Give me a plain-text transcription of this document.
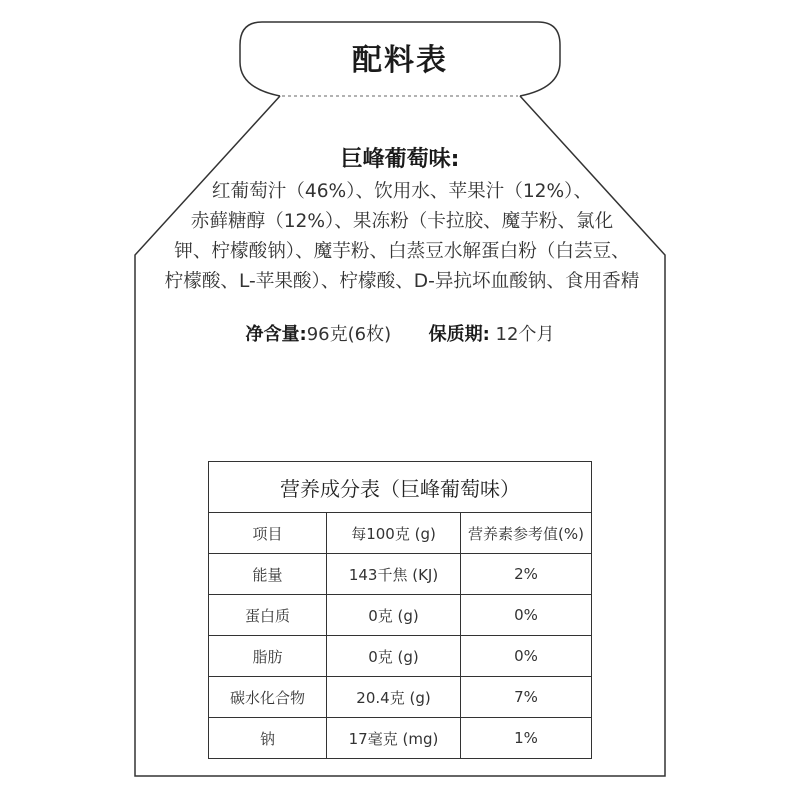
配料表
巨峰葡萄味:
红葡萄汁（46%）、饮用水、苹果汁（12%）、
赤藓糖醇（12%）、果冻粉（卡拉胶、魔芋粉、氯化
钾、柠檬酸钠）、魔芋粉、白蒸豆水解蛋白粉（白芸豆、
柠檬酸、L-苹果酸）、柠檬酸、D-异抗坏血酸钠、食用香精
净含量:96克(6枚) 保质期: 12个月
营养成分表（巨峰葡萄味）		
项目	每100克 (g)	营养素参考值(%)
能量	143千焦 (KJ)	2%
蛋白质	0克 (g)	0%
脂肪	0克 (g)	0%
碳水化合物	20.4克 (g)	7%
钠	17毫克 (mg)	1%
